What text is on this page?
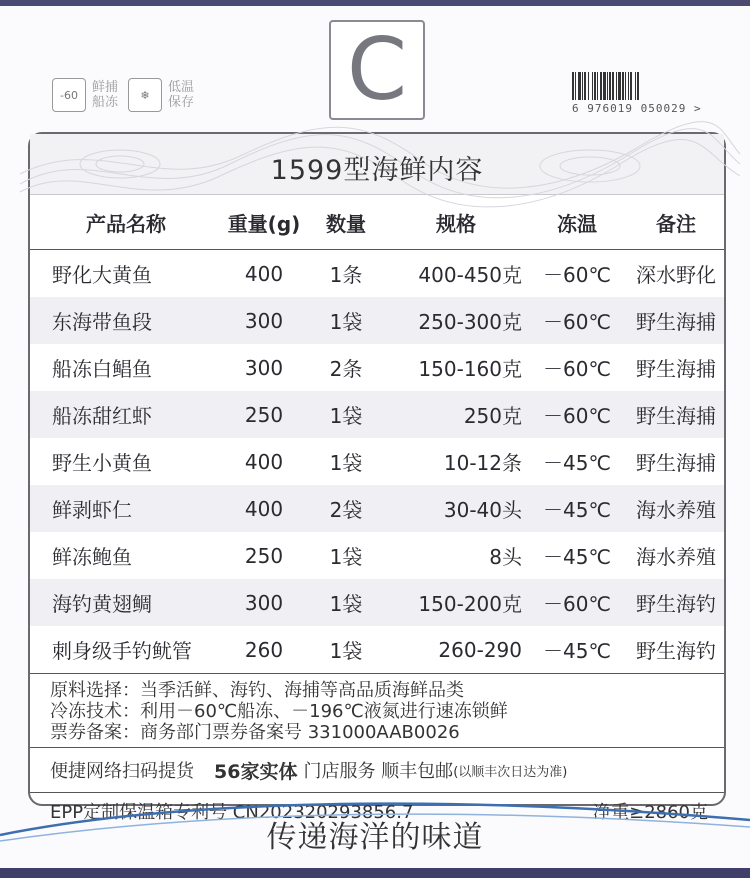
-60	鲜捕船冻	❄	低温保存 C	6 976019 050029 >
1599型海鲜内容
产品名称	重量(g)	数量	规格	冻温	备注
野化大黄鱼	400	1条	400-450克	－60℃	深水野化
东海带鱼段	300	1袋	250-300克	－60℃	野生海捕
船冻白鲳鱼	300	2条	150-160克	－60℃	野生海捕
船冻甜红虾	250	1袋	250克	－60℃	野生海捕
野生小黄鱼	400	1袋	10-12条	－45℃	野生海捕
鲜剥虾仁	400	2袋	30-40头	－45℃	海水养殖
鲜冻鲍鱼	250	1袋	8头	－45℃	海水养殖
海钓黄翅鲷	300	1袋	150-200克	－60℃	野生海钓
刺身级手钓鱿管	260	1袋	260-290	－45℃	野生海钓
原料选择：当季活鲜、海钓、海捕等高品质海鲜品类
冷冻技术：利用－60℃船冻、－196℃液氮进行速冻锁鲜
票券备案：商务部门票券备案号 331000AAB0026
便捷网络扫码提货 56家实体 门店服务 顺丰包邮 (以顺丰次日达为准)
EPP定制保温箱专利号 CN202320293856.7	净重≥2860克
传递海洋的味道
